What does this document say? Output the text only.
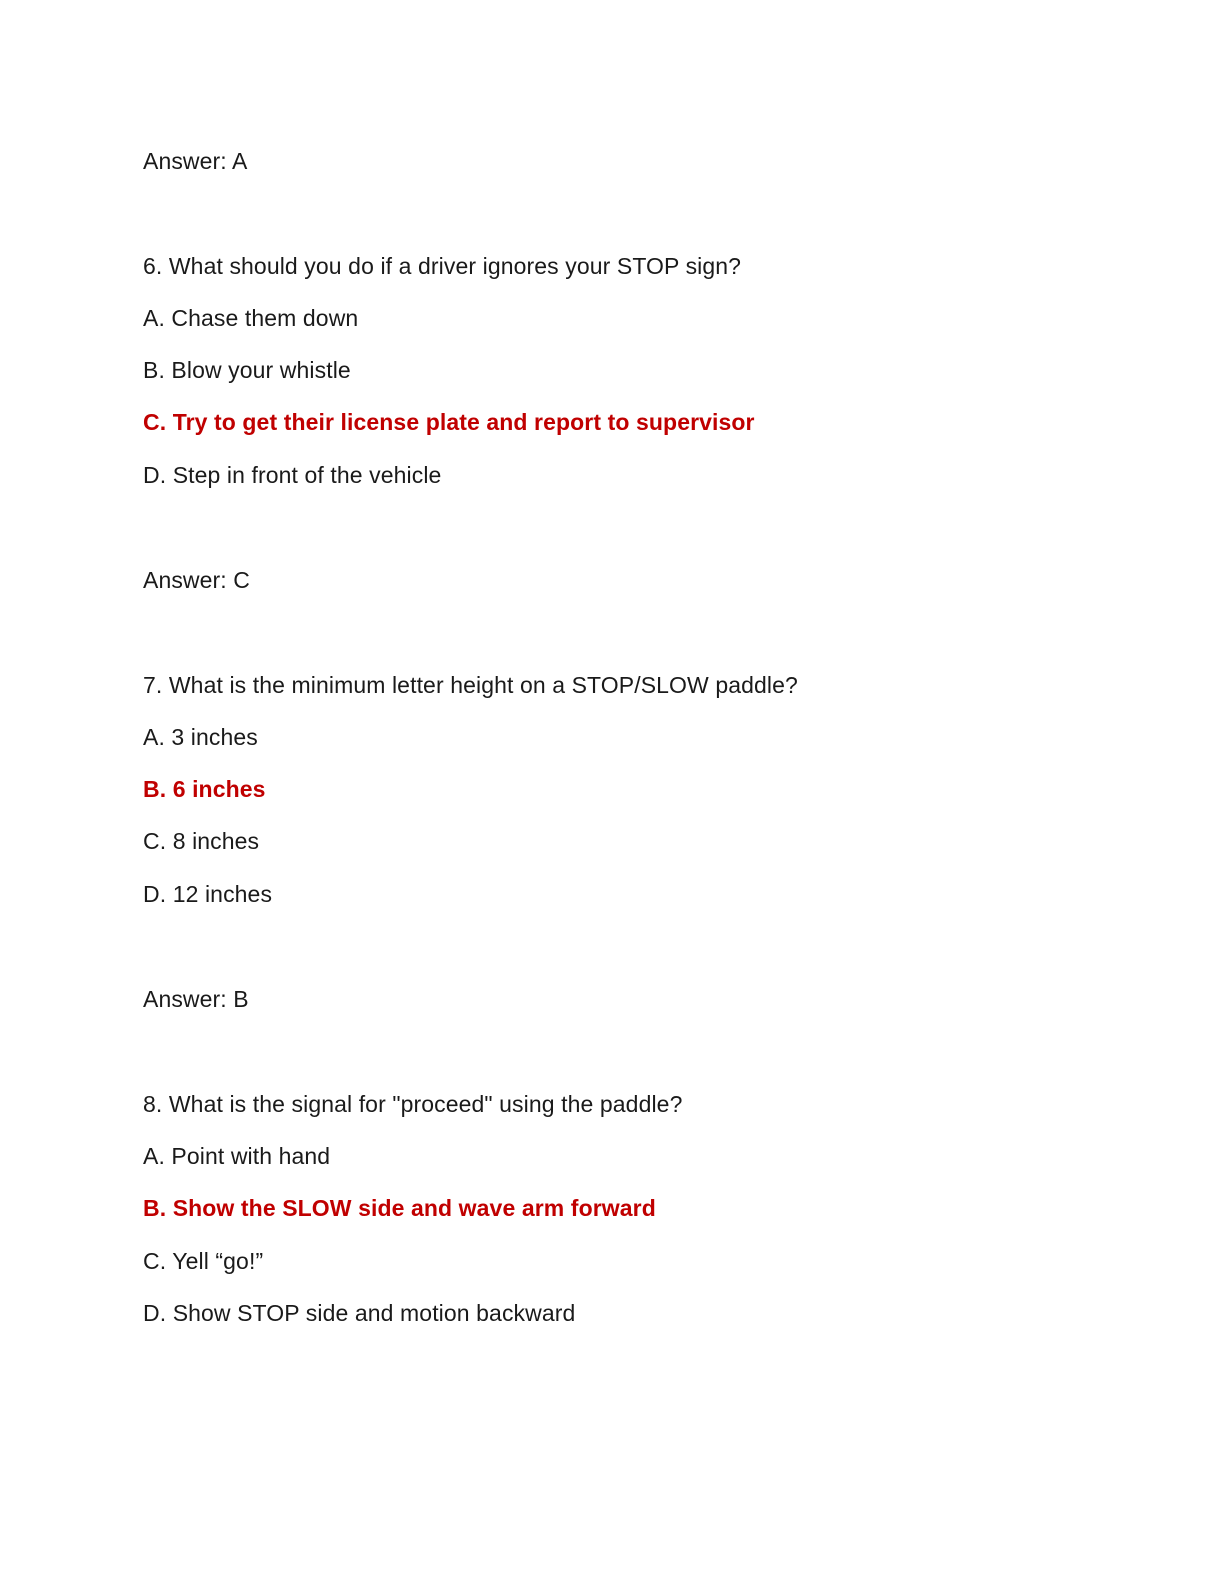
Answer: A
6. What should you do if a driver ignores your STOP sign?
A. Chase them down
B. Blow your whistle
C. Try to get their license plate and report to supervisor
D. Step in front of the vehicle
Answer: C
7. What is the minimum letter height on a STOP/SLOW paddle?
A. 3 inches
B. 6 inches
C. 8 inches
D. 12 inches
Answer: B
8. What is the signal for "proceed" using the paddle?
A. Point with hand
B. Show the SLOW side and wave arm forward
C. Yell “go!”
D. Show STOP side and motion backward
